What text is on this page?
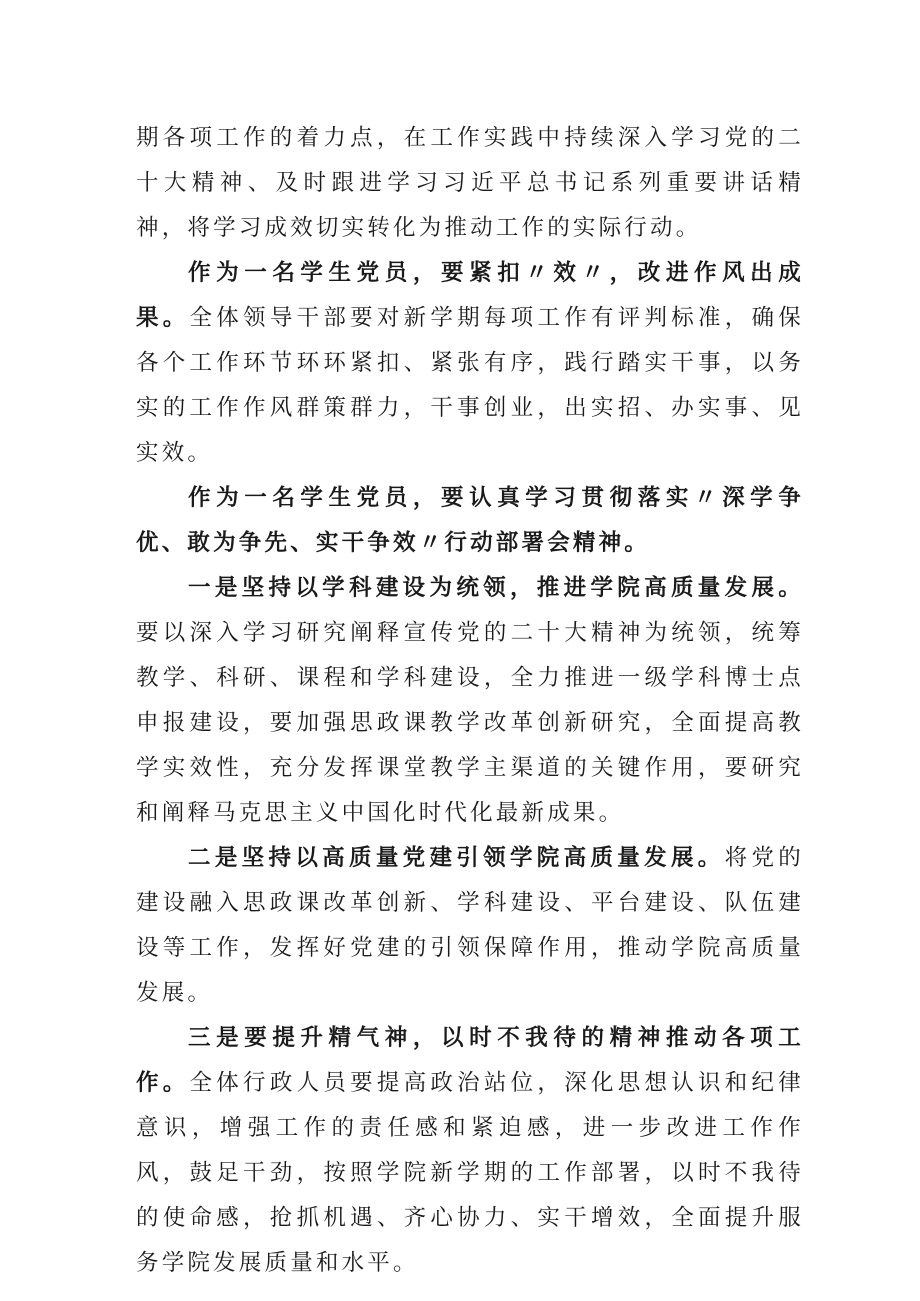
期各项工作的着力点，在工作实践中持续深入学习党的二十大精神、及时跟进学习习近平总书记系列重要讲话精神，将学习成效切实转化为推动工作的实际行动。

作为一名学生党员，要紧扣〃效〃，改进作风出成果。全体领导干部要对新学期每项工作有评判标准，确保各个工作环节环环紧扣、紧张有序，践行踏实干事，以务实的工作作风群策群力，干事创业，出实招、办实事、见实效。

作为一名学生党员，要认真学习贯彻落实〃深学争优、敢为争先、实干争效〃行动部署会精神。

一是坚持以学科建设为统领，推进学院高质量发展。要以深入学习研究阐释宣传党的二十大精神为统领，统筹教学、科研、课程和学科建设，全力推进一级学科博士点申报建设，要加强思政课教学改革创新研究，全面提高教学实效性，充分发挥课堂教学主渠道的关键作用，要研究和阐释马克思主义中国化时代化最新成果。

二是坚持以高质量党建引领学院高质量发展。将党的建设融入思政课改革创新、学科建设、平台建设、队伍建设等工作，发挥好党建的引领保障作用，推动学院高质量发展。

三是要提升精气神，以时不我待的精神推动各项工作。全体行政人员要提高政治站位，深化思想认识和纪律意识，增强工作的责任感和紧迫感，进一步改进工作作风，鼓足干劲，按照学院新学期的工作部署，以时不我待的使命感，抢抓机遇、齐心协力、实干增效，全面提升服务学院发展质量和水平。
